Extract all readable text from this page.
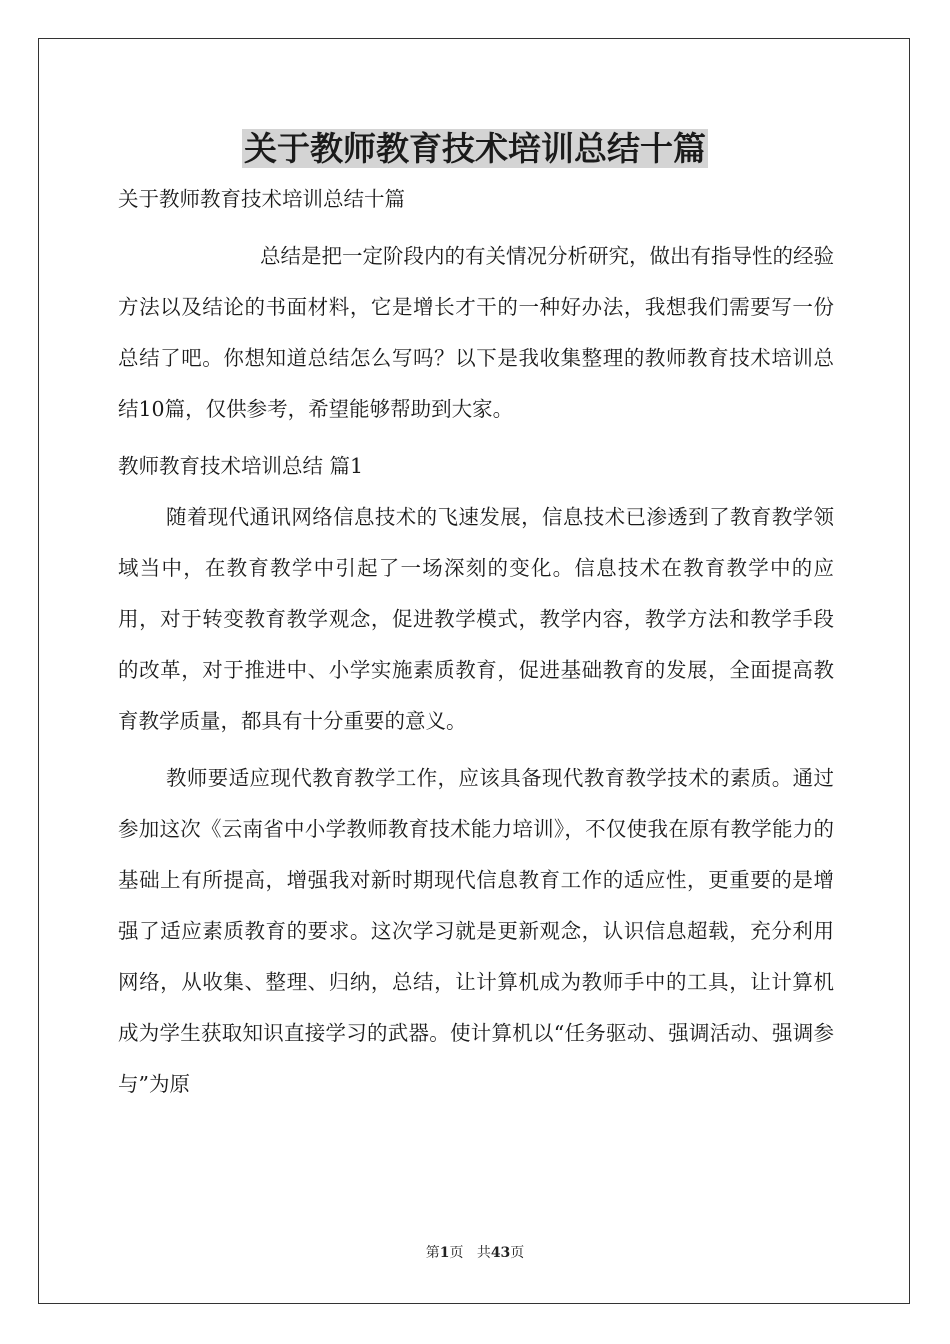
关于教师教育技术培训总结十篇

关于教师教育技术培训总结十篇

总结是把一定阶段内的有关情况分析研究，做出有指导性的经验方法以及结论的书面材料，它是增长才干的一种好办法，我想我们需要写一份总结了吧。你想知道总结怎么写吗？以下是我收集整理的教师教育技术培训总结10篇，仅供参考，希望能够帮助到大家。

教师教育技术培训总结 篇1

随着现代通讯网络信息技术的飞速发展，信息技术已渗透到了教育教学领域当中，在教育教学中引起了一场深刻的变化。信息技术在教育教学中的应用，对于转变教育教学观念，促进教学模式，教学内容，教学方法和教学手段的改革，对于推进中、小学实施素质教育，促进基础教育的发展，全面提高教育教学质量，都具有十分重要的意义。

教师要适应现代教育教学工作，应该具备现代教育教学技术的素质。通过参加这次《云南省中小学教师教育技术能力培训》，不仅使我在原有教学能力的基础上有所提高，增强我对新时期现代信息教育工作的适应性，更重要的是增强了适应素质教育的要求。这次学习就是更新观念，认识信息超载，充分利用网络，从收集、整理、归纳，总结，让计算机成为教师手中的工具，让计算机成为学生获取知识直接学习的武器。使计算机以“任务驱动、强调活动、强调参与”为原

第1页 共43页
